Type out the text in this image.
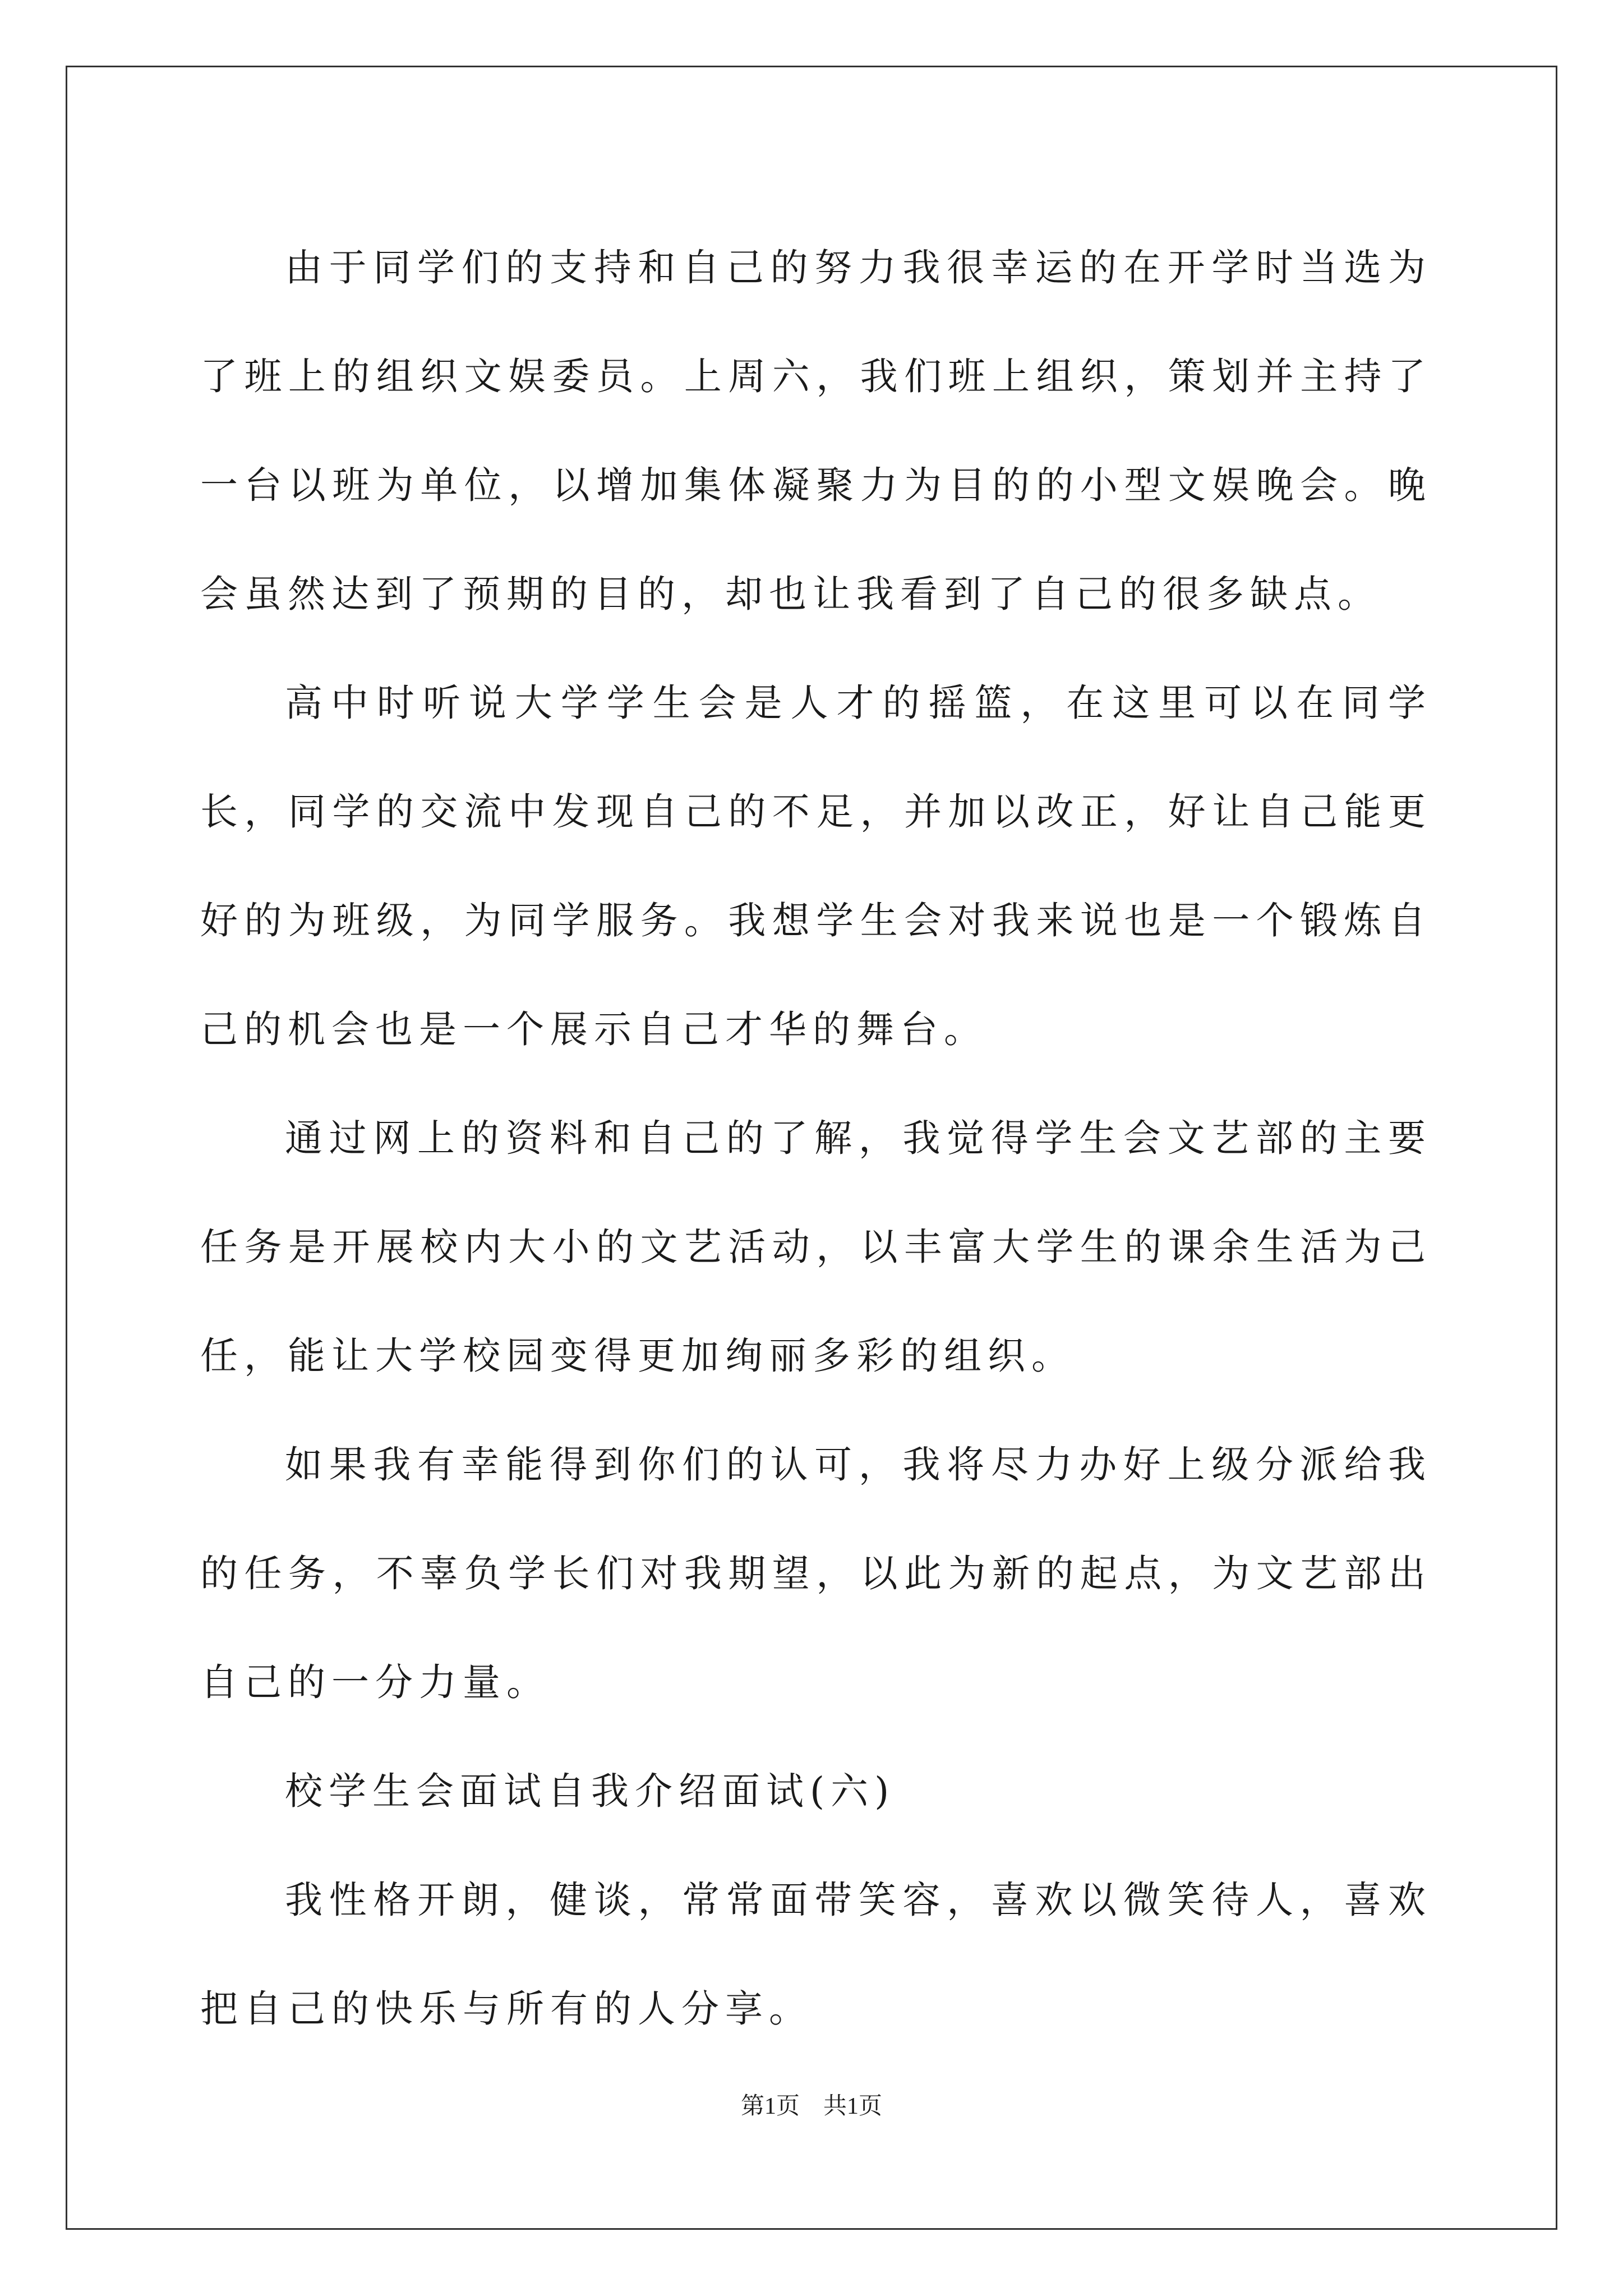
由于同学们的支持和自己的努力我很幸运的在开学时当选为了班上的组织文娱委员。上周六，我们班上组织，策划并主持了一台以班为单位，以增加集体凝聚力为目的的小型文娱晚会。晚会虽然达到了预期的目的，却也让我看到了自己的很多缺点。

高中时听说大学学生会是人才的摇篮，在这里可以在同学长，同学的交流中发现自己的不足，并加以改正，好让自己能更好的为班级，为同学服务。我想学生会对我来说也是一个锻炼自己的机会也是一个展示自己才华的舞台。

通过网上的资料和自己的了解，我觉得学生会文艺部的主要任务是开展校内大小的文艺活动，以丰富大学生的课余生活为己任，能让大学校园变得更加绚丽多彩的组织。

如果我有幸能得到你们的认可，我将尽力办好上级分派给我的任务，不辜负学长们对我期望，以此为新的起点，为文艺部出自己的一分力量。

校学生会面试自我介绍面试(六)

我性格开朗，健谈，常常面带笑容，喜欢以微笑待人，喜欢把自己的快乐与所有的人分享。

第1页　共1页
